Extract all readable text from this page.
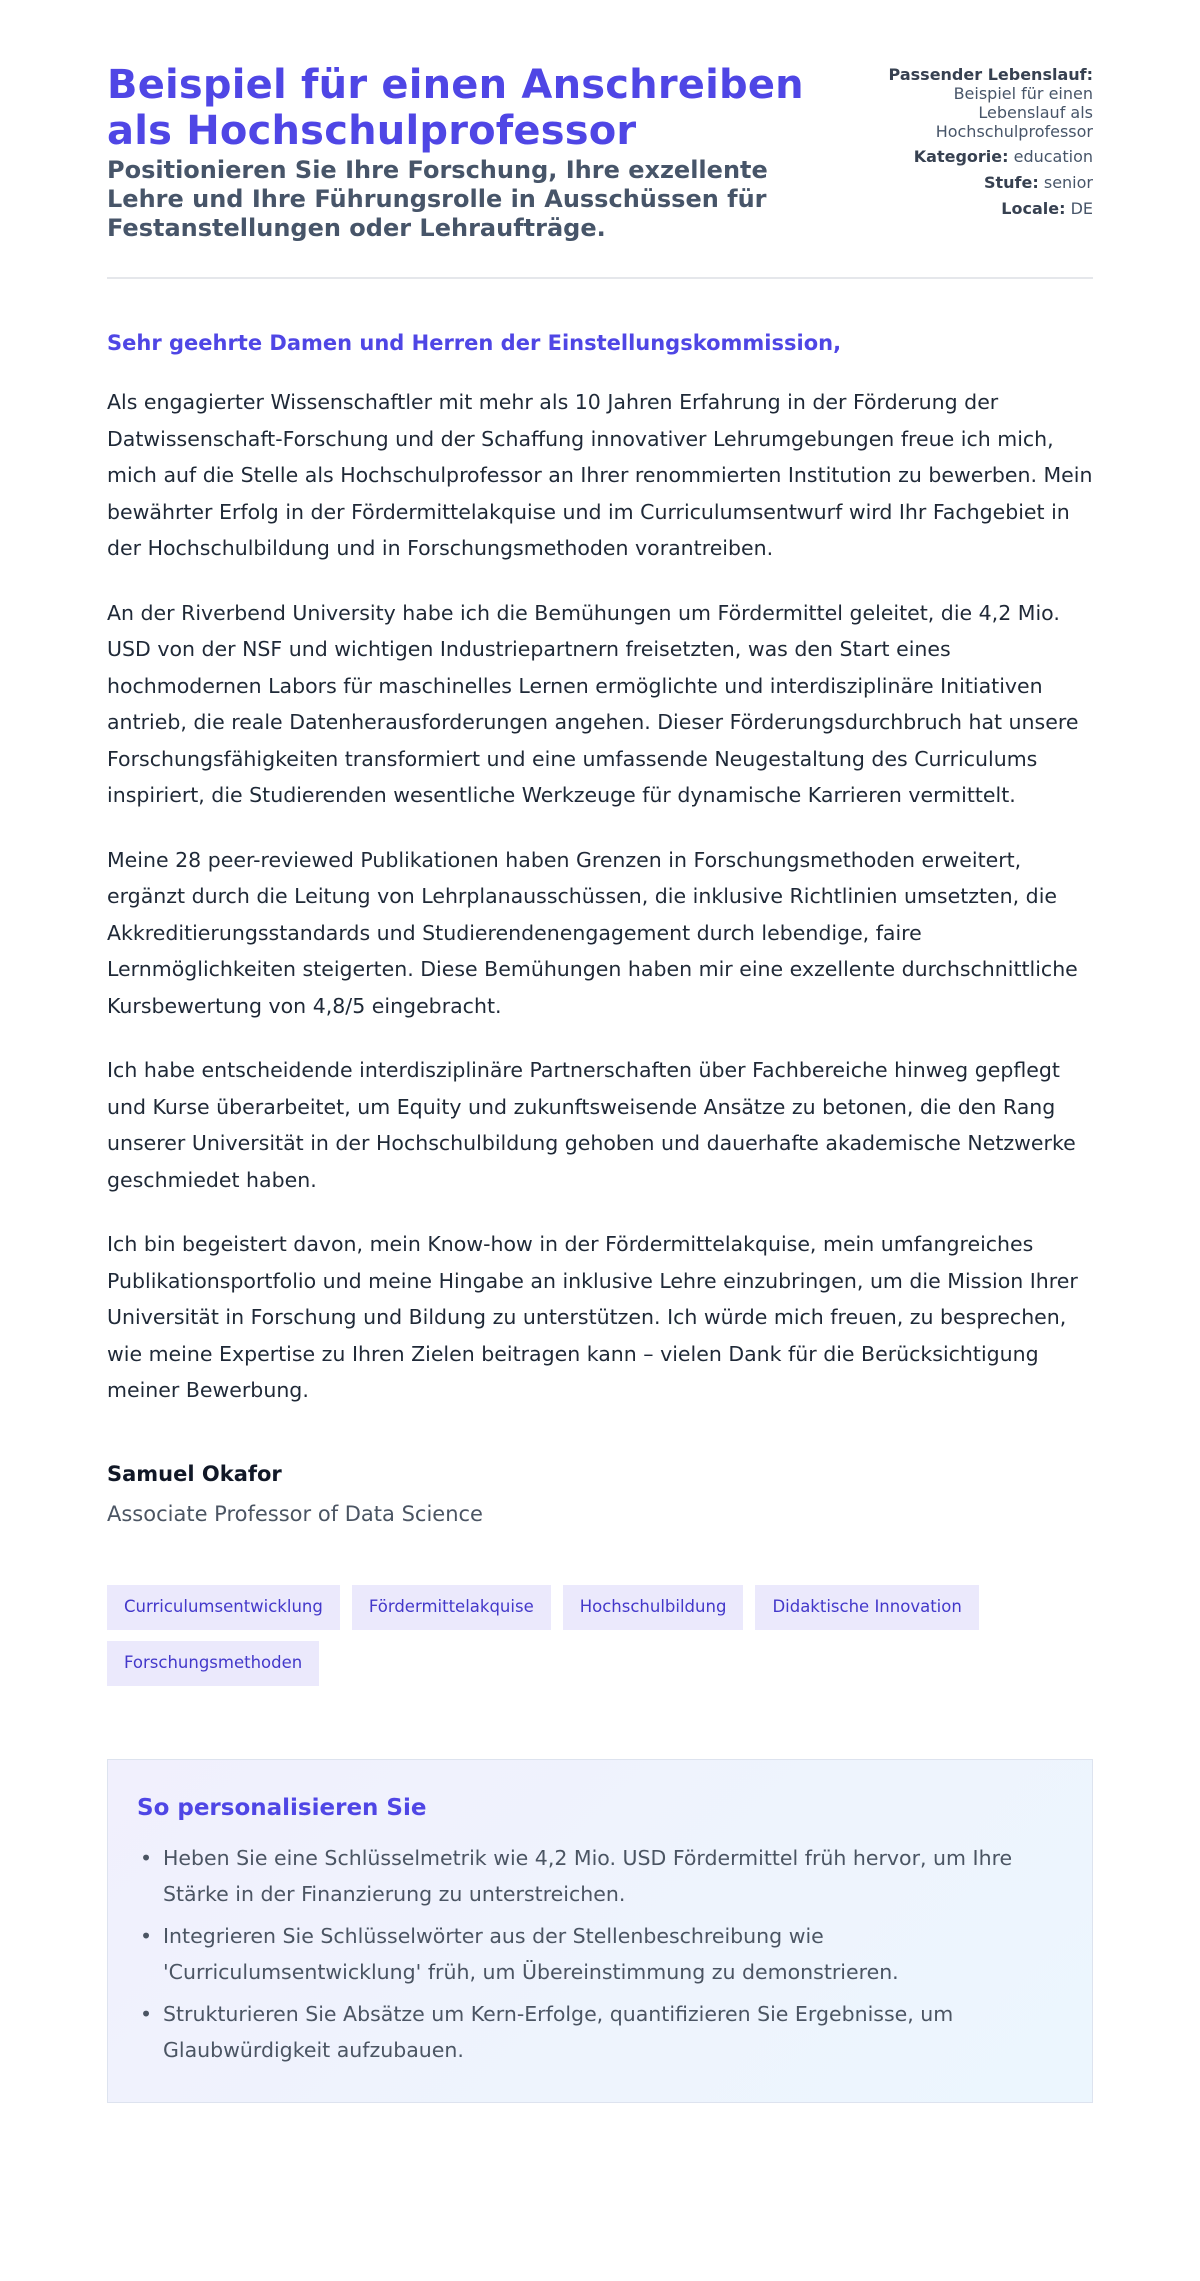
Beispiel für einen Anschreiben als Hochschulprofessor
Positionieren Sie Ihre Forschung, Ihre exzellente Lehre und Ihre Führungsrolle in Ausschüssen für Festanstellungen oder Lehraufträge.
Passender Lebenslauf:
Beispiel für einen Lebenslauf als Hochschulprofessor
Kategorie: education
Stufe: senior
Locale: DE

Sehr geehrte Damen und Herren der Einstellungskommission,

Als engagierter Wissenschaftler mit mehr als 10 Jahren Erfahrung in der Förderung der Datwissenschaft-Forschung und der Schaffung innovativer Lehrumgebungen freue ich mich, mich auf die Stelle als Hochschulprofessor an Ihrer renommierten Institution zu bewerben. Mein bewährter Erfolg in der Fördermittelakquise und im Curriculumsentwurf wird Ihr Fachgebiet in der Hochschulbildung und in Forschungsmethoden vorantreiben.

An der Riverbend University habe ich die Bemühungen um Fördermittel geleitet, die 4,2 Mio. USD von der NSF und wichtigen Industriepartnern freisetzten, was den Start eines hochmodernen Labors für maschinelles Lernen ermöglichte und interdisziplinäre Initiativen antrieb, die reale Datenherausforderungen angehen. Dieser Förderungsdurchbruch hat unsere Forschungsfähigkeiten transformiert und eine umfassende Neugestaltung des Curriculums inspiriert, die Studierenden wesentliche Werkzeuge für dynamische Karrieren vermittelt.

Meine 28 peer-reviewed Publikationen haben Grenzen in Forschungsmethoden erweitert, ergänzt durch die Leitung von Lehrplanausschüssen, die inklusive Richtlinien umsetzten, die Akkreditierungsstandards und Studierendenengagement durch lebendige, faire Lernmöglichkeiten steigerten. Diese Bemühungen haben mir eine exzellente durchschnittliche Kursbewertung von 4,8/5 eingebracht.

Ich habe entscheidende interdisziplinäre Partnerschaften über Fachbereiche hinweg gepflegt und Kurse überarbeitet, um Equity und zukunftsweisende Ansätze zu betonen, die den Rang unserer Universität in der Hochschulbildung gehoben und dauerhafte akademische Netzwerke geschmiedet haben.

Ich bin begeistert davon, mein Know-how in der Fördermittelakquise, mein umfangreiches Publikationsportfolio und meine Hingabe an inklusive Lehre einzubringen, um die Mission Ihrer Universität in Forschung und Bildung zu unterstützen. Ich würde mich freuen, zu besprechen, wie meine Expertise zu Ihren Zielen beitragen kann – vielen Dank für die Berücksichtigung meiner Bewerbung.

Samuel Okafor
Associate Professor of Data Science
Curriculumsentwicklung	Fördermittelakquise	Hochschulbildung	Didaktische Innovation
Forschungsmethoden
So personalisieren Sie
• Heben Sie eine Schlüsselmetrik wie 4,2 Mio. USD Fördermittel früh hervor, um Ihre Stärke in der Finanzierung zu unterstreichen.
• Integrieren Sie Schlüsselwörter aus der Stellenbeschreibung wie 'Curriculumsentwicklung' früh, um Übereinstimmung zu demonstrieren.
• Strukturieren Sie Absätze um Kern-Erfolge, quantifizieren Sie Ergebnisse, um Glaubwürdigkeit aufzubauen.
